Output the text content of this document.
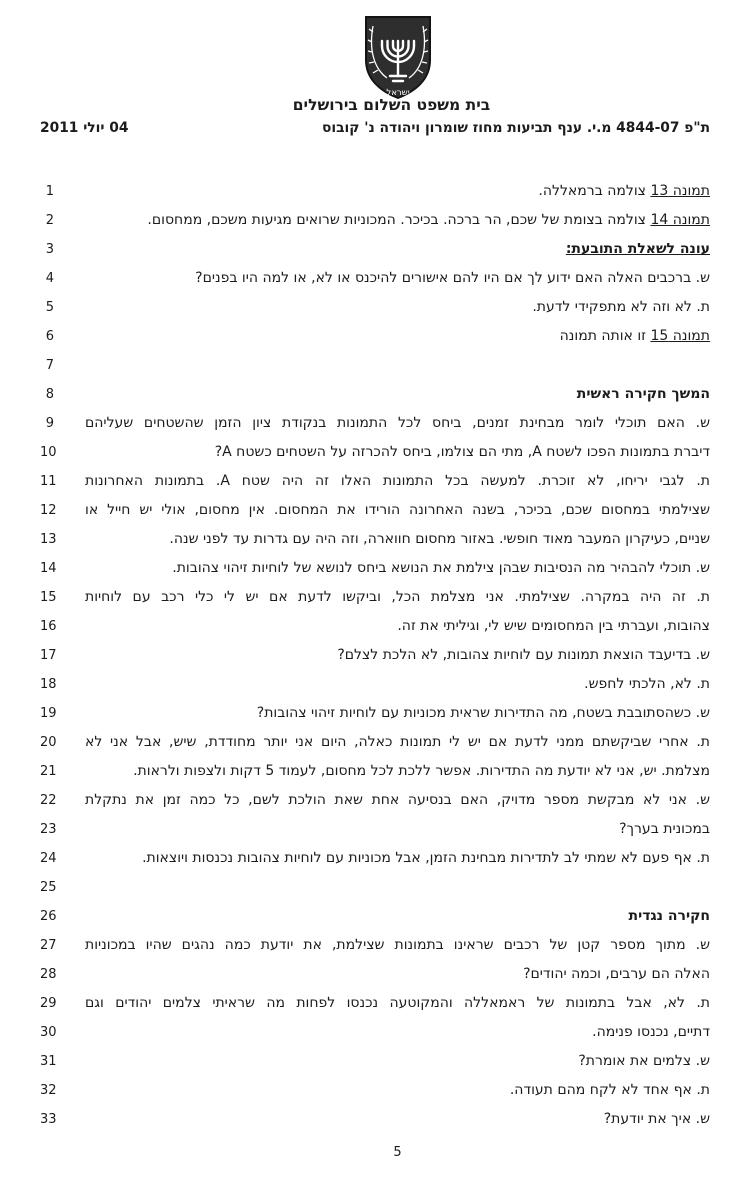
ישראל
בית משפט השלום בירושלים
ת"פ 4844-07 מ.י. ענף תביעות מחוז שומרון ויהודה נ' קובוס
04 יולי 2011
1	תמונה 13 צולמה ברמאללה.
2	תמונה 14 צולמה בצומת של שכם, הר ברכה. בכיכר. המכוניות שרואים מגיעות משכם, ממחסום.
3	עונה לשאלת התובעת:
4	ש. ברכבים האלה האם ידוע לך אם היו להם אישורים להיכנס או לא, או למה היו בפנים?
5	ת. לא וזה לא מתפקידי לדעת.
6	תמונה 15 זו אותה תמונה
7
8	המשך חקירה ראשית
9 ש. האם תוכלי לומר מבחינת זמנים, ביחס לכל התמונות בנקודת ציון הזמן שהשטחים שעליהם
10	דיברת בתמונות הפכו לשטח A, מתי הם צולמו, ביחס להכרזה על השטחים כשטח A?
11 ת. לגבי יריחו, לא זוכרת. למעשה בכל התמונות האלו זה היה שטח A. בתמונות האחרונות
12 שצילמתי במחסום שכם, בכיכר, בשנה האחרונה הורידו את המחסום. אין מחסום, אולי יש חייל או
13	שניים, כעיקרון המעבר מאוד חופשי. באזור מחסום חווארה, וזה היה עם גדרות עד לפני שנה.
14	ש. תוכלי להבהיר מה הנסיבות שבהן צילמת את הנושא ביחס לנושא של לוחיות זיהוי צהובות.
15 ת. זה היה במקרה. שצילמתי. אני מצלמת הכל, וביקשו לדעת אם יש לי כלי רכב עם לוחיות
16	צהובות, ועברתי בין המחסומים שיש לי, וגיליתי את זה.
17	ש. בדיעבד הוצאת תמונות עם לוחיות צהובות, לא הלכת לצלם?
18	ת. לא, הלכתי לחפש.
19	ש. כשהסתובבת בשטח, מה התדירות שראית מכוניות עם לוחיות זיהוי צהובות?
20 ת. אחרי שביקשתם ממני לדעת אם יש לי תמונות כאלה, היום אני יותר מחודדת, שיש, אבל אני לא
21	מצלמת. יש, אני לא יודעת מה התדירות. אפשר ללכת לכל מחסום, לעמוד 5 דקות ולצפות ולראות.
22 ש. אני לא מבקשת מספר מדויק, האם בנסיעה אחת שאת הולכת לשם, כל כמה זמן את נתקלת
23	במכונית בערך?
24	ת. אף פעם לא שמתי לב לתדירות מבחינת הזמן, אבל מכוניות עם לוחיות צהובות נכנסות ויוצאות.
25
26	חקירה נגדית
27 ש. מתוך מספר קטן של רכבים שראינו בתמונות שצילמת, את יודעת כמה נהגים שהיו במכוניות
28	האלה הם ערבים, וכמה יהודים?
29 ת. לא, אבל בתמונות של ראמאללה והמקוטעה נכנסו לפחות מה שראיתי צלמים יהודים וגם
30	דתיים, נכנסו פנימה.
31	ש. צלמים את אומרת?
32	ת. אף אחד לא לקח מהם תעודה.
33	ש. איך את יודעת?
5
